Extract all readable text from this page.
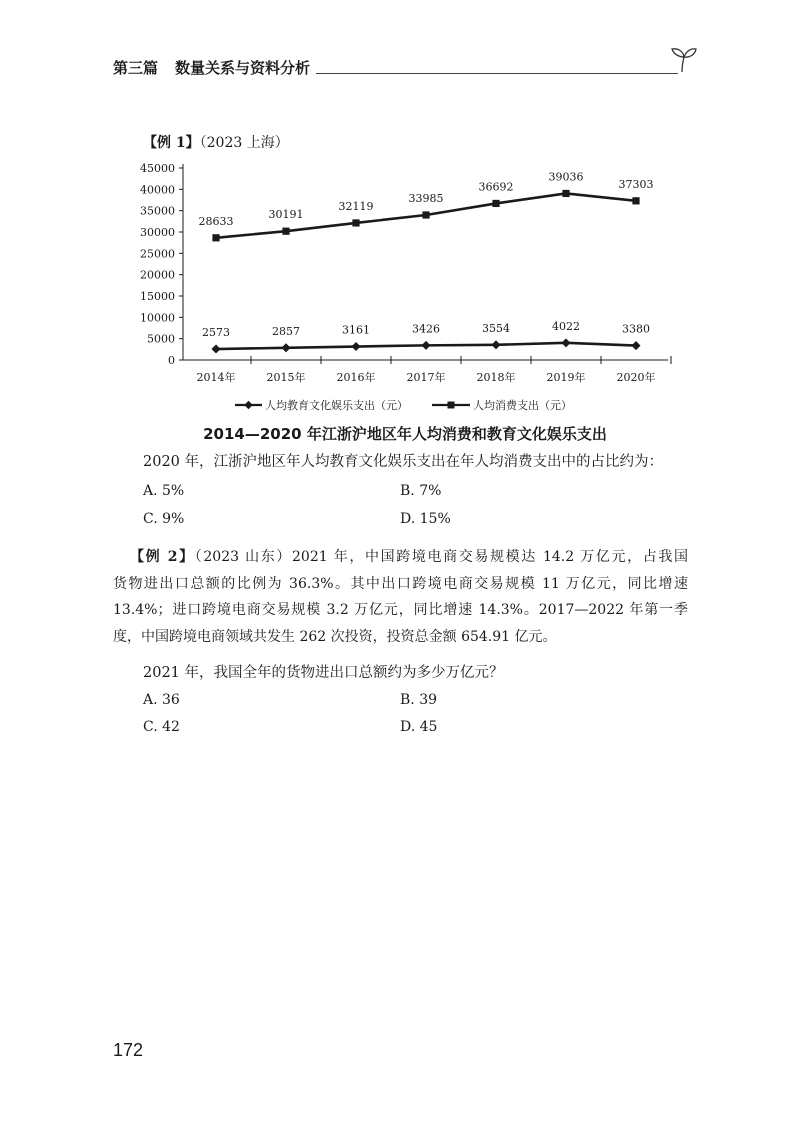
第三篇 数量关系与资料分析
【例 1】（2023 上海）
0
5000
10000
15000
20000
25000
30000
35000
40000
45000
2014年	2015年	2016年	2017年	2018年	2019年	2020年
2573	2857	3161	3426	3554	4022	3380
28633
30191
32119
33985
36692
39036
37303
人均教育文化娱乐支出（元）	人均消费支出（元）
2014—2020 年江浙沪地区年人均消费和教育文化娱乐支出
2020 年，江浙沪地区年人均教育文化娱乐支出在年人均消费支出中的占比约为：
A. 5%	B. 7%
C. 9%	D. 15%
【例 2】（2023 山东）2021 年，中国跨境电商交易规模达 14.2 万亿元，占我国
货物进出口总额的比例为 36.3%。其中出口跨境电商交易规模 11 万亿元，同比增速
13.4%；进口跨境电商交易规模 3.2 万亿元，同比增速 14.3%。2017—2022 年第一季
度，中国跨境电商领域共发生 262 次投资，投资总金额 654.91 亿元。
2021 年，我国全年的货物进出口总额约为多少万亿元？
A. 36	B. 39
C. 42	D. 45
172
